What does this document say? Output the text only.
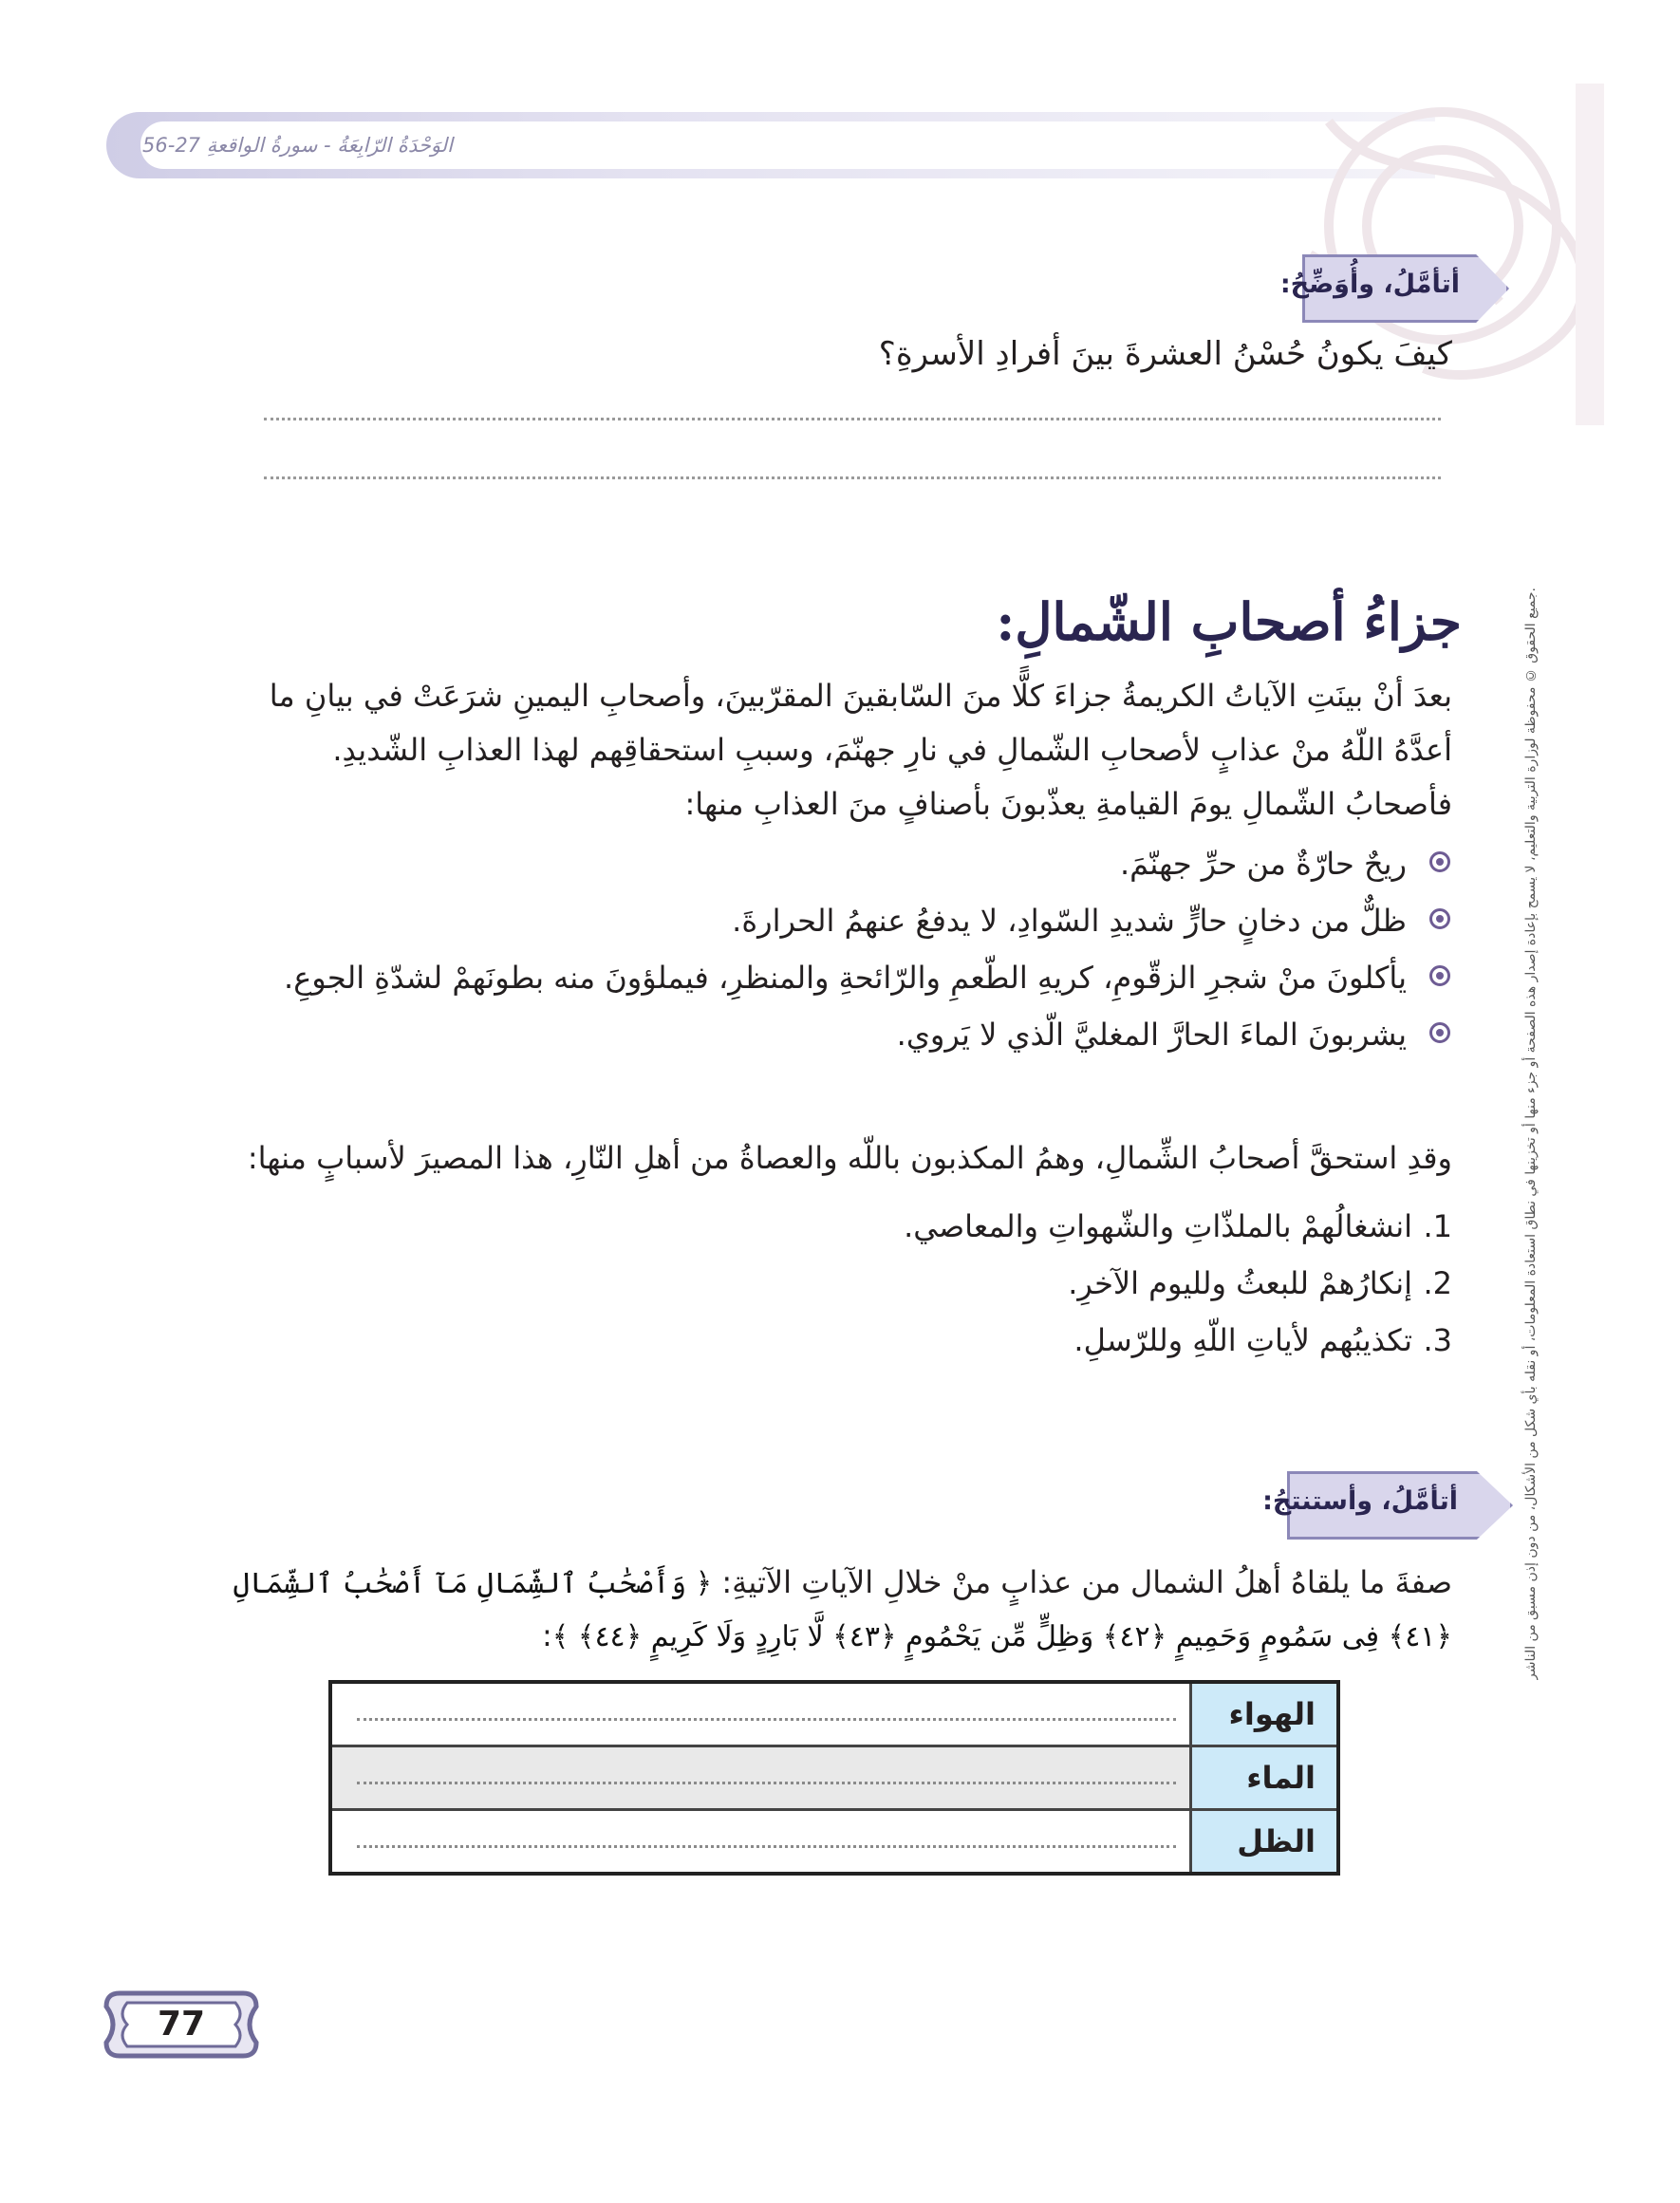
الوَحْدَةُ الرّابِعَةُ - سورةُ الواقعةِ 27-56
جميع الحقوق © محفوظة لوزارة التربية والتعليم، لا يسمح بإعادة إصدار هذه الصفحة أو جزء منها أو تخزينها في نطاق استعادة المعلومات، أو نقله بأي شكل من الأشكال، من دون إذن مسبق من الناشر.
أتأمَّلُ، وأُوَضِّحُ:
كيفَ يكونُ حُسْنُ العشرةَ بينَ أفرادِ الأسرةِ؟
جزاءُ أصحابِ الشّمالِ:
بعدَ أنْ بينَتِ الآياتُ الكريمةُ جزاءَ كلًّا منَ السّابقينَ المقرّبينَ، وأصحابِ اليمينِ شرَعَتْ في بيانِ ما أعدَّهُ اللّهُ منْ عذابٍ لأصحابِ الشّمالِ في نارِ جهنّمَ، وسببِ استحقاقِهم لهذا العذابِ الشّديدِ. فأصحابُ الشّمالِ يومَ القيامةِ يعذّبونَ بأصنافٍ منَ العذابِ منها:
ريحٌ حارّةٌ من حرِّ جهنّمَ.
ظلٌّ من دخانٍ حارٍّ شديدِ السّوادِ، لا يدفعُ عنهمُ الحرارةَ.
يأكلونَ منْ شجرِ الزقّومِ، كريهِ الطّعمِ والرّائحةِ والمنظرِ، فيملؤونَ منه بطونَهمْ لشدّةِ الجوعِ.
يشربونَ الماءَ الحارَّ المغليَّ الّذي لا يَروي.
وقدِ استحقَّ أصحابُ الشِّمالِ، وهمُ المكذبون باللّه والعصاةُ من أهلِ النّارِ، هذا المصيرَ لأسبابٍ منها:
1.انشغالُهمْ بالملذّاتِ والشّهواتِ والمعاصي.
2.إنكارُهمْ للبعثُ ولليوم الآخرِ.
3.تكذيبُهم لأياتِ اللّهِ وللرّسلِ.
أتأمَّلُ، وأستنتجُ:
صفةَ ما يلقاهُ أهلُ الشمال من عذابٍ منْ خلالِ الآياتِ الآتيةِ: ﴿ وَأَصْحَٰبُ ٱلشِّمَالِ مَآ أَصْحَٰبُ ٱلشِّمَالِ ﴿٤١﴾ فِى سَمُومٍ وَحَمِيمٍ ﴿٤٢﴾ وَظِلٍّ مِّن يَحْمُومٍ ﴿٤٣﴾ لَّا بَارِدٍ وَلَا كَرِيمٍ ﴿٤٤﴾ ﴾:
	الهواء

	الماء

	الظل
77
